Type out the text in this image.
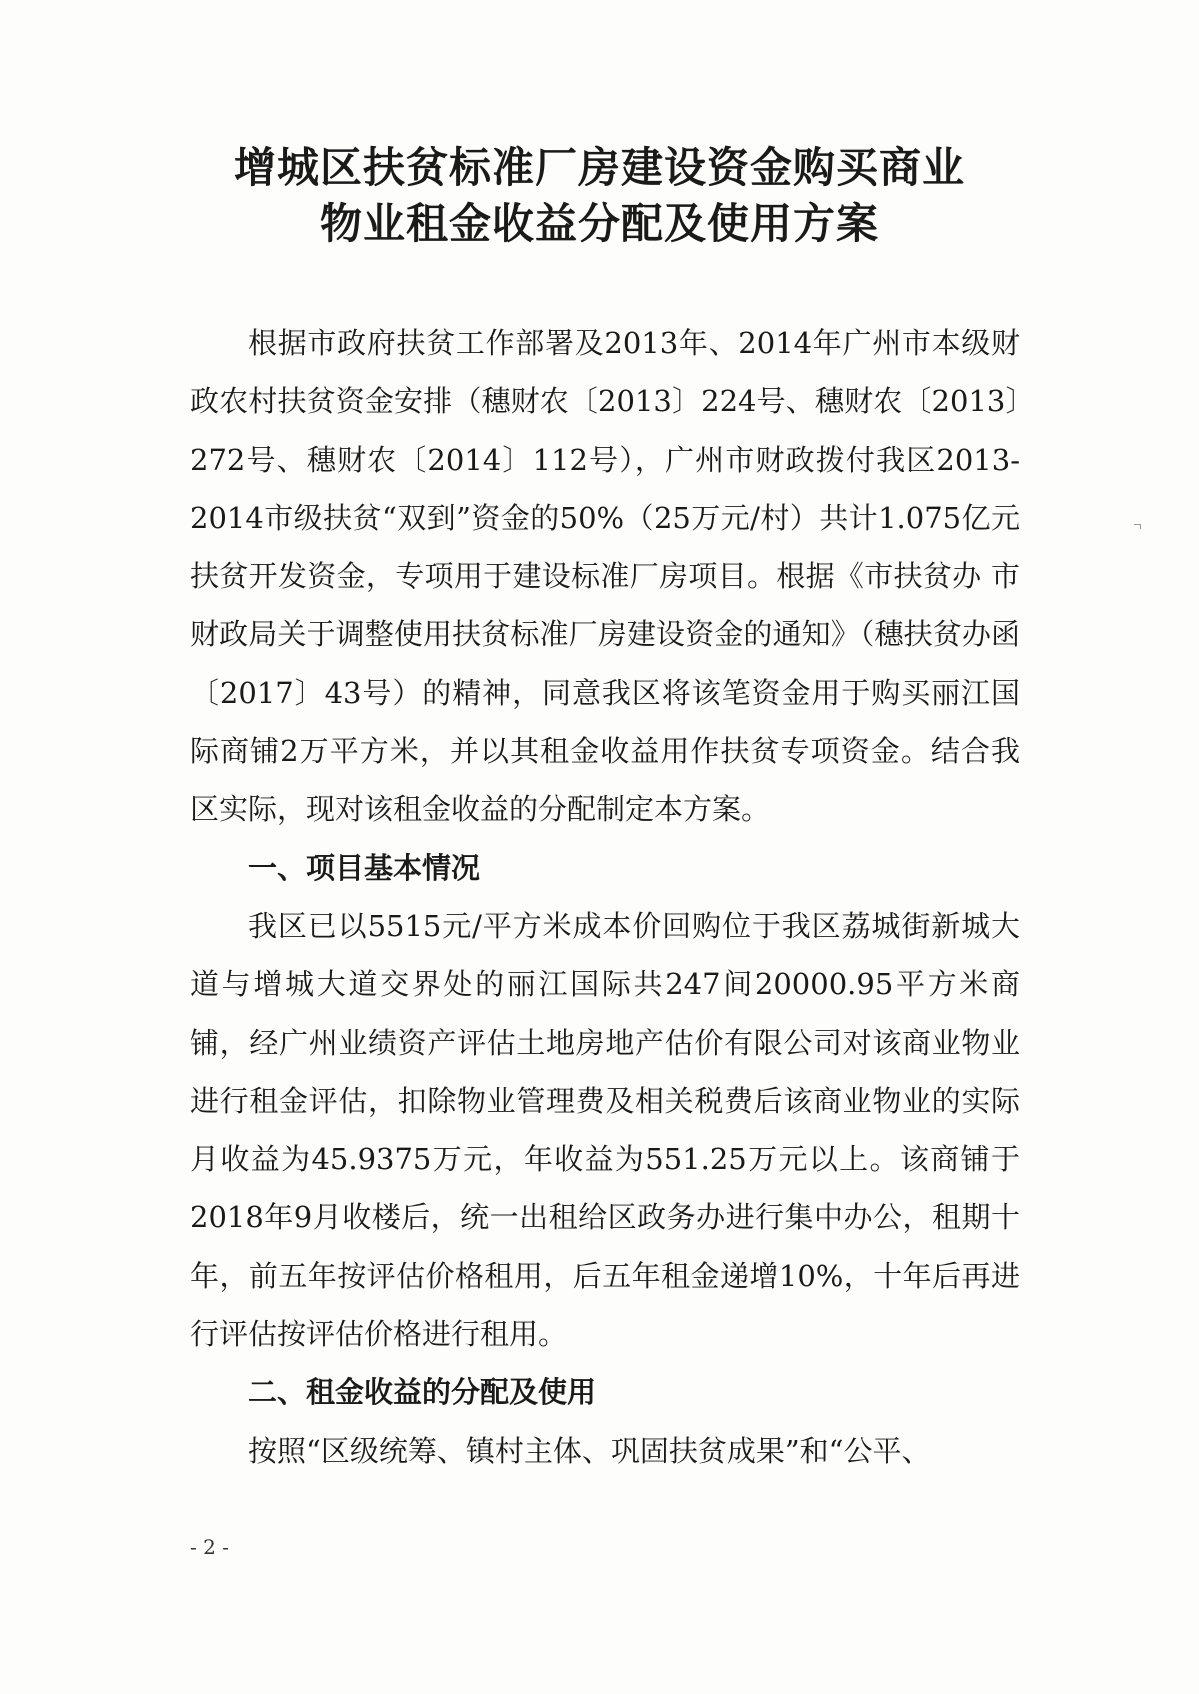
增城区扶贫标准厂房建设资金购买商业
物业租金收益分配及使用方案

根据市政府扶贫工作部署及2013年、2014年广州市本级财政农村扶贫资金安排（穗财农〔2013〕224号、穗财农〔2013〕272号、穗财农〔2014〕112号），广州市财政拨付我区2013-2014市级扶贫“双到”资金的50%（25万元/村）共计1.075亿元扶贫开发资金，专项用于建设标准厂房项目。根据《市扶贫办 市财政局关于调整使用扶贫标准厂房建设资金的通知》（穗扶贫办函〔2017〕43号）的精神，同意我区将该笔资金用于购买丽江国际商铺2万平方米，并以其租金收益用作扶贫专项资金。结合我区实际，现对该租金收益的分配制定本方案。

一、项目基本情况

我区已以5515元/平方米成本价回购位于我区荔城街新城大道与增城大道交界处的丽江国际共247间20000.95平方米商铺，经广州业绩资产评估土地房地产估价有限公司对该商业物业进行租金评估，扣除物业管理费及相关税费后该商业物业的实际月收益为45.9375万元，年收益为551.25万元以上。该商铺于2018年9月收楼后，统一出租给区政务办进行集中办公，租期十年，前五年按评估价格租用，后五年租金递增10%，十年后再进行评估按评估价格进行租用。

二、租金收益的分配及使用

按照“区级统筹、镇村主体、巩固扶贫成果”和“公平、

- 2 -
